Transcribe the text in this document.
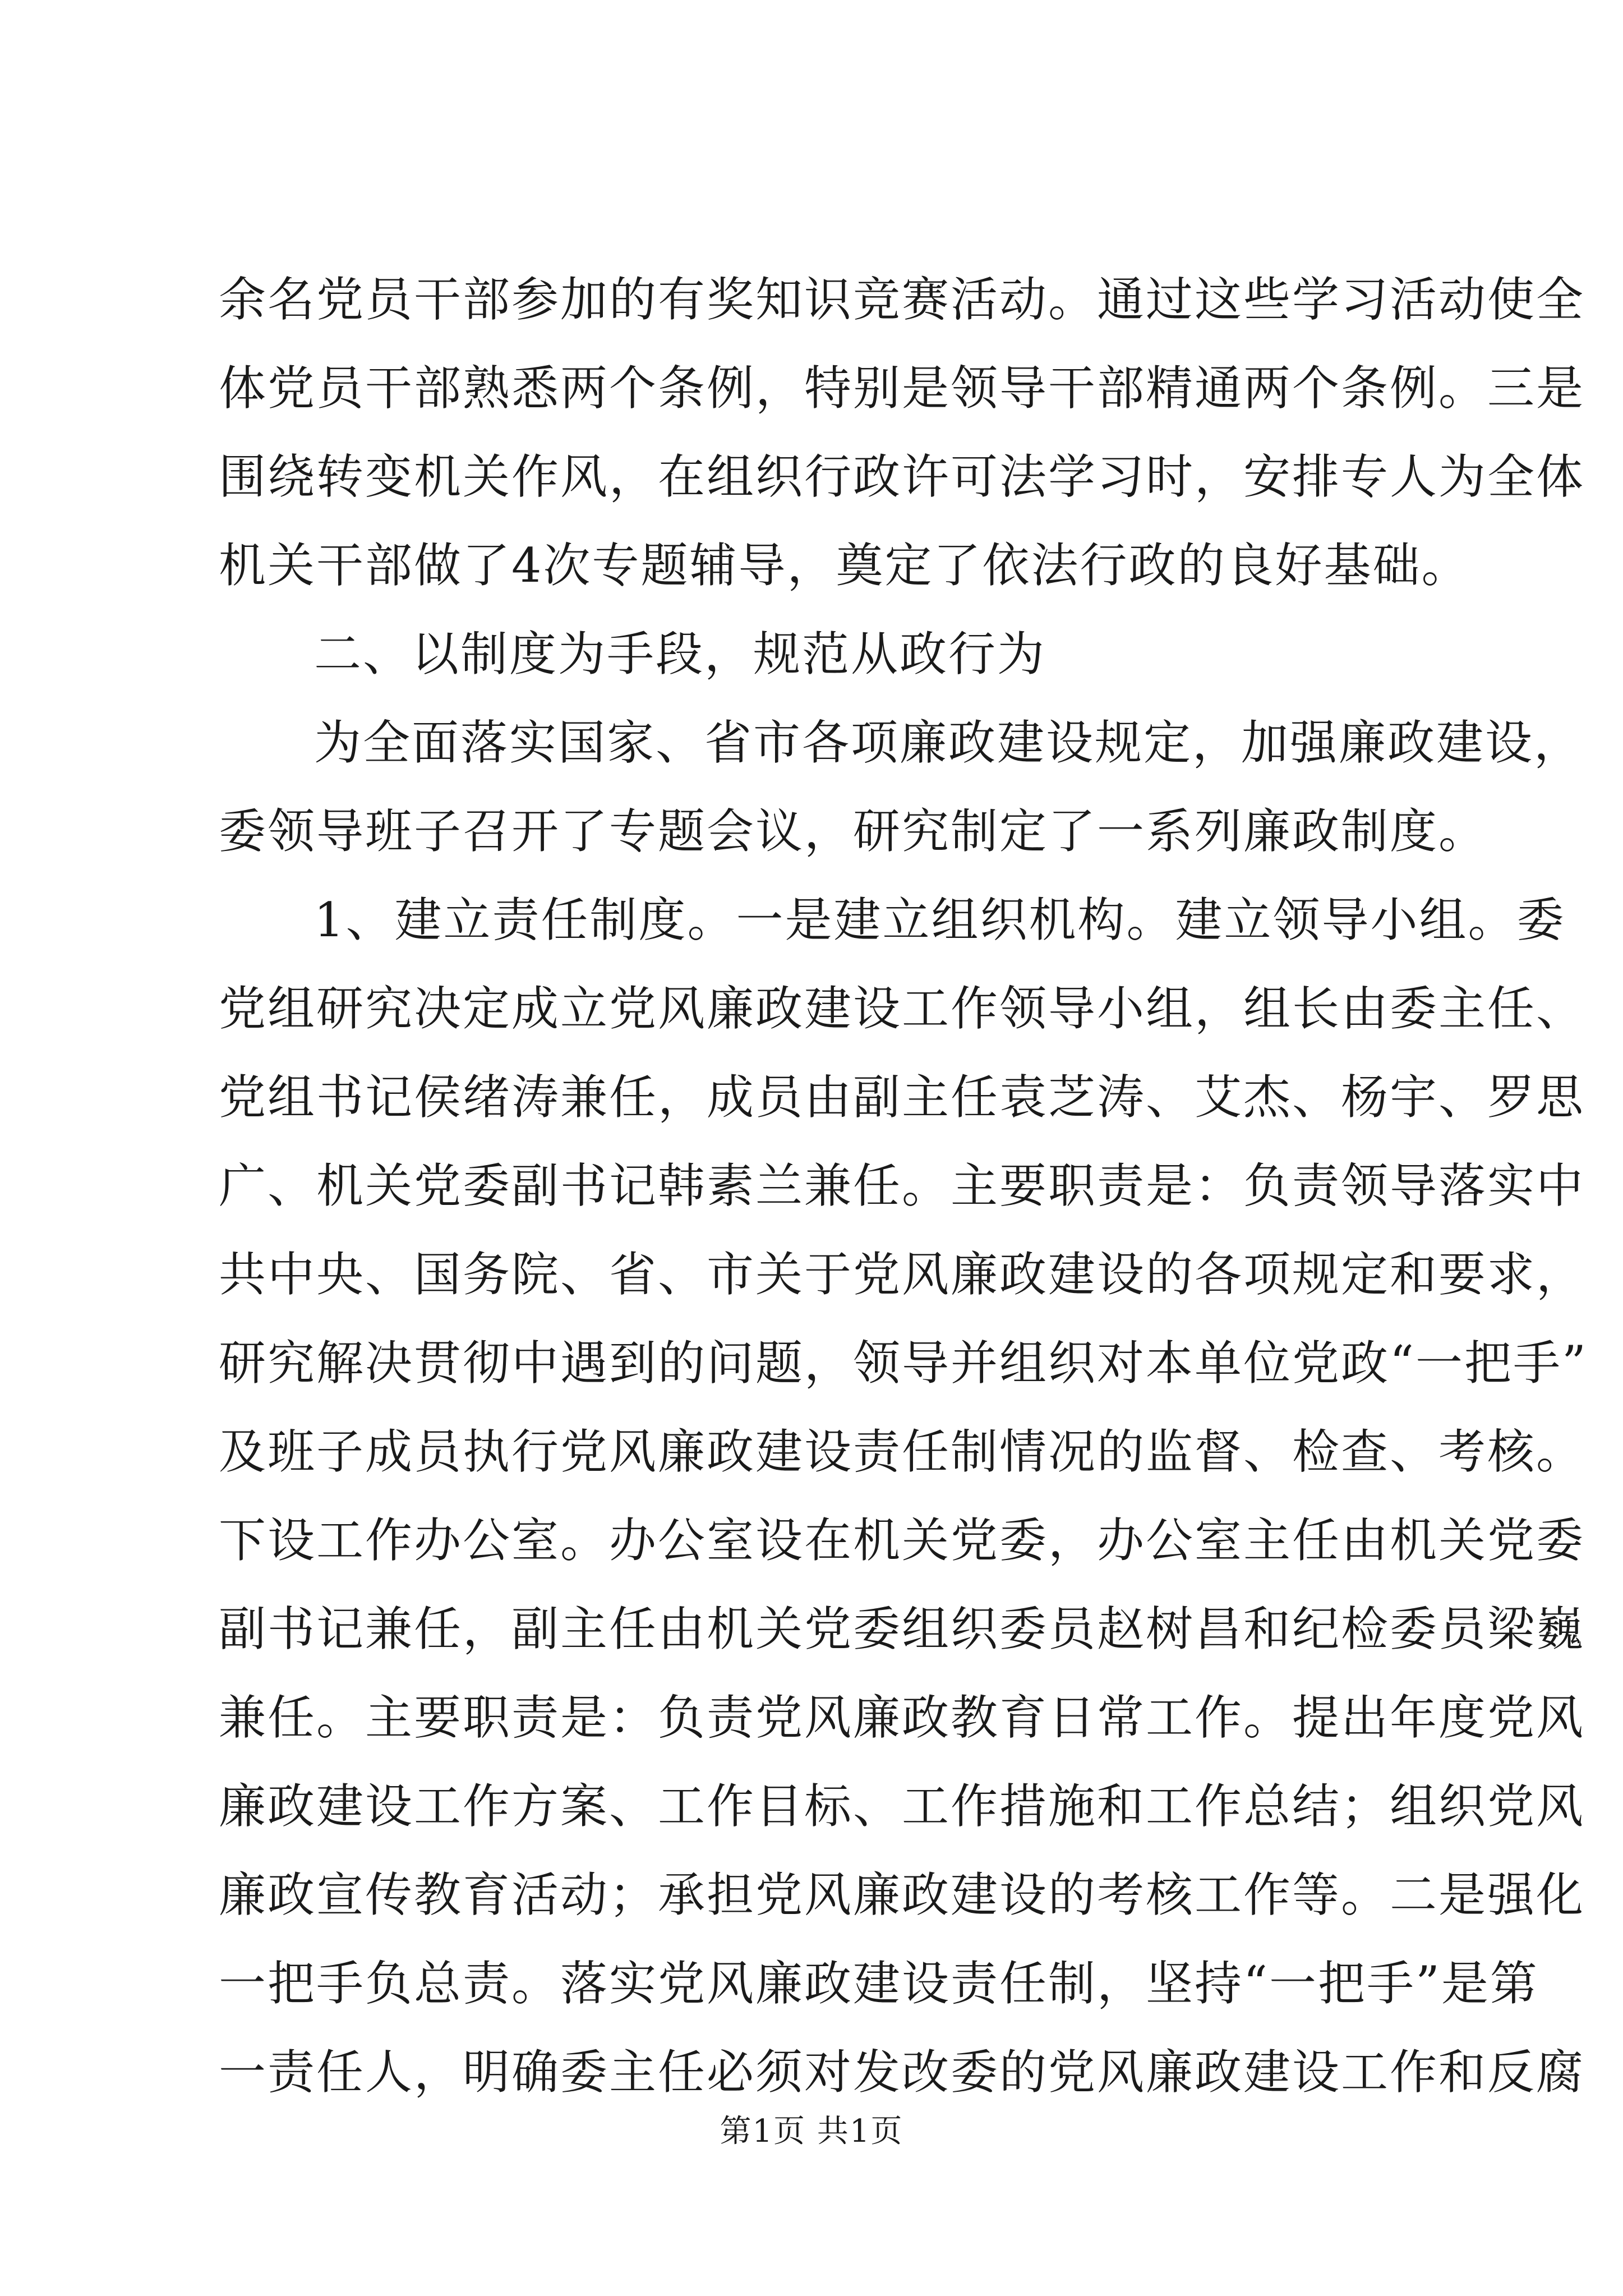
余名党员干部参加的有奖知识竞赛活动。通过这些学习活动使全
体党员干部熟悉两个条例，特别是领导干部精通两个条例。三是
围绕转变机关作风，在组织行政许可法学习时，安排专人为全体
机关干部做了4次专题辅导，奠定了依法行政的良好基础。
二、以制度为手段，规范从政行为
为全面落实国家、省市各项廉政建设规定，加强廉政建设，
委领导班子召开了专题会议，研究制定了一系列廉政制度。
1、建立责任制度。一是建立组织机构。建立领导小组。委
党组研究决定成立党风廉政建设工作领导小组，组长由委主任、
党组书记侯绪涛兼任，成员由副主任袁芝涛、艾杰、杨宇、罗思
广、机关党委副书记韩素兰兼任。主要职责是：负责领导落实中
共中央、国务院、省、市关于党风廉政建设的各项规定和要求，
研究解决贯彻中遇到的问题，领导并组织对本单位党政“一把手”
及班子成员执行党风廉政建设责任制情况的监督、检查、考核。
下设工作办公室。办公室设在机关党委，办公室主任由机关党委
副书记兼任，副主任由机关党委组织委员赵树昌和纪检委员梁巍
兼任。主要职责是：负责党风廉政教育日常工作。提出年度党风
廉政建设工作方案、工作目标、工作措施和工作总结；组织党风
廉政宣传教育活动；承担党风廉政建设的考核工作等。二是强化
一把手负总责。落实党风廉政建设责任制，坚持“一把手”是第
一责任人，明确委主任必须对发改委的党风廉政建设工作和反腐
第1页 共1页
